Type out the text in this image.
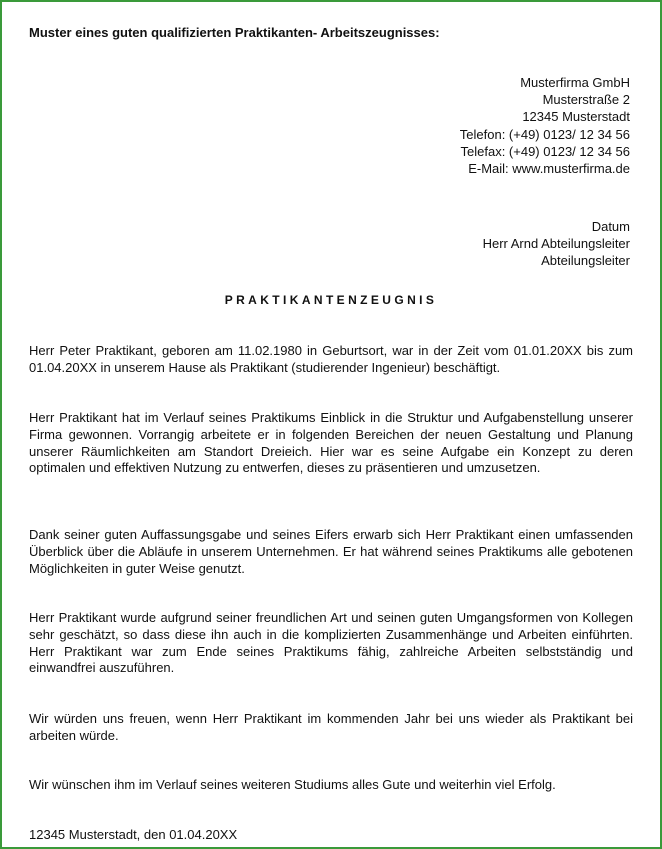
Muster eines guten qualifizierten Praktikanten- Arbeitszeugnisses:
Musterfirma GmbH
Musterstraße 2
12345 Musterstadt
Telefon: (+49) 0123/ 12 34 56
Telefax: (+49) 0123/ 12 34 56
E-Mail: www.musterfirma.de
Datum
Herr Arnd Abteilungsleiter
Abteilungsleiter
PRAKTIKANTENZEUGNIS
Herr Peter Praktikant, geboren am 11.02.1980 in Geburtsort, war in der Zeit vom 01.01.20XX bis zum 01.04.20XX in unserem Hause als Praktikant (studierender Ingenieur) beschäftigt.
Herr Praktikant hat im Verlauf seines Praktikums Einblick in die Struktur und Aufgabenstellung unserer Firma gewonnen. Vorrangig arbeitete er in folgenden Bereichen der neuen Gestaltung und Planung unserer Räumlichkeiten am Standort Dreieich. Hier war es seine Aufgabe ein Konzept zu deren optimalen und effektiven Nutzung zu entwerfen, dieses zu präsentieren und umzusetzen.
Dank seiner guten Auffassungsgabe und seines Eifers erwarb sich Herr Praktikant einen umfassenden Überblick über die Abläufe in unserem Unternehmen. Er hat während seines Praktikums alle gebotenen Möglichkeiten in guter Weise genutzt.
Herr Praktikant wurde aufgrund seiner freundlichen Art und seinen guten Umgangsformen von Kollegen sehr geschätzt, so dass diese ihn auch in die komplizierten Zusammenhänge und Arbeiten einführten. Herr Praktikant war zum Ende seines Praktikums fähig, zahlreiche Arbeiten selbstständig und einwandfrei auszuführen.
Wir würden uns freuen, wenn Herr Praktikant im kommenden Jahr bei uns wieder als Praktikant bei arbeiten würde.
Wir wünschen ihm im Verlauf seines weiteren Studiums alles Gute und weiterhin viel Erfolg.
12345 Musterstadt, den 01.04.20XX
